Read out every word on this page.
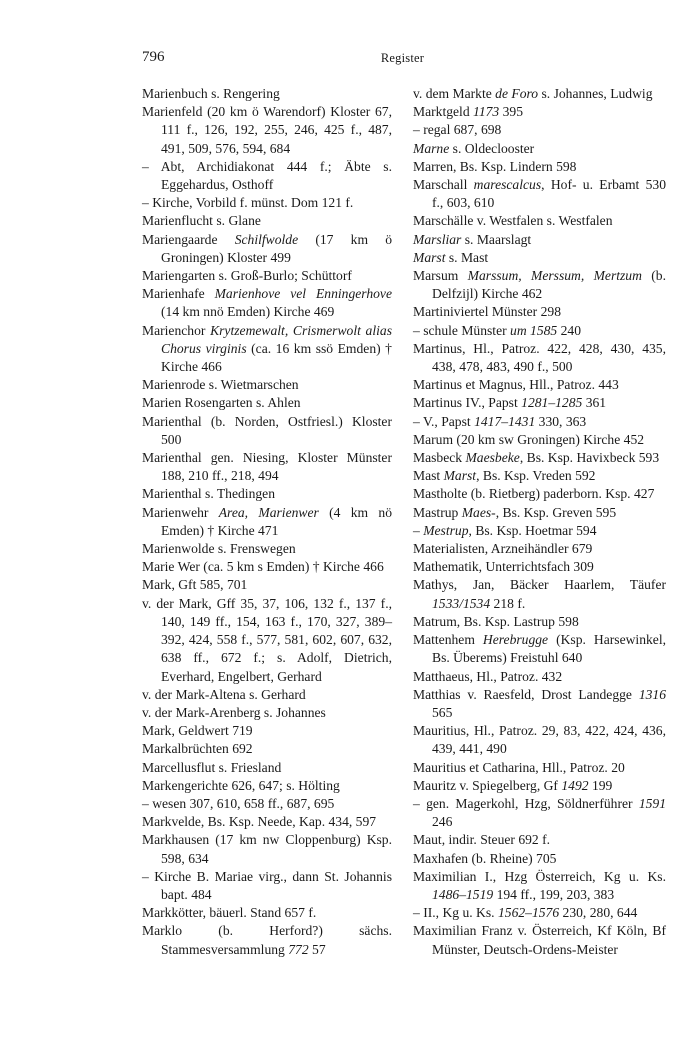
796	Register

Marienbuch s. Rengering

Marienfeld (20 km ö Warendorf) Kloster 67, 111 f., 126, 192, 255, 246, 425 f., 487, 491, 509, 576, 594, 684

– Abt, Archidiakonat 444 f.; Äbte s. Eggehardus, Osthoff

– Kirche, Vorbild f. münst. Dom 121 f.

Marienflucht s. Glane

Mariengaarde Schilfwolde (17 km ö Groningen) Kloster 499

Mariengarten s. Groß-Burlo; Schüttorf

Marienhafe Marienhove vel Enningerhove (14 km nnö Emden) Kirche 469

Marienchor Krytzemewalt, Crismerwolt alias Chorus virginis (ca. 16 km ssö Emden) † Kirche 466

Marienrode s. Wietmarschen

Marien Rosengarten s. Ahlen

Marienthal (b. Norden, Ostfriesl.) Kloster 500

Marienthal gen. Niesing, Kloster Münster 188, 210 ff., 218, 494

Marienthal s. Thedingen

Marienwehr Area, Marienwer (4 km nö Emden) † Kirche 471

Marienwolde s. Frenswegen

Marie Wer (ca. 5 km s Emden) † Kirche 466

Mark, Gft 585, 701

v. der Mark, Gff 35, 37, 106, 132 f., 137 f., 140, 149 ff., 154, 163 f., 170, 327, 389–392, 424, 558 f., 577, 581, 602, 607, 632, 638 ff., 672 f.; s. Adolf, Dietrich, Everhard, Engelbert, Gerhard

v. der Mark-Altena s. Gerhard

v. der Mark-Arenberg s. Johannes

Mark, Geldwert 719

Markalbrüchten 692

Marcellusflut s. Friesland

Markengerichte 626, 647; s. Hölting

– wesen 307, 610, 658 ff., 687, 695

Markvelde, Bs. Ksp. Neede, Kap. 434, 597

Markhausen (17 km nw Cloppenburg) Ksp. 598, 634

– Kirche B. Mariae virg., dann St. Johannis bapt. 484

Markkötter, bäuerl. Stand 657 f.

Marklo (b. Herford?) sächs. Stammesversammlung 772 57

v. dem Markte de Foro s. Johannes, Ludwig

Marktgeld 1173 395

– regal 687, 698

Marne s. Oldeclooster

Marren, Bs. Ksp. Lindern 598

Marschall marescalcus, Hof- u. Erbamt 530 f., 603, 610

Marschälle v. Westfalen s. Westfalen

Marsliar s. Maarslagt

Marst s. Mast

Marsum Marssum, Merssum, Mertzum (b. Delfzijl) Kirche 462

Martiniviertel Münster 298

– schule Münster um 1585 240

Martinus, Hl., Patroz. 422, 428, 430, 435, 438, 478, 483, 490 f., 500

Martinus et Magnus, Hll., Patroz. 443

Martinus IV., Papst 1281–1285 361

– V., Papst 1417–1431 330, 363

Marum (20 km sw Groningen) Kirche 452

Masbeck Maesbeke, Bs. Ksp. Havixbeck 593

Mast Marst, Bs. Ksp. Vreden 592

Mastholte (b. Rietberg) paderborn. Ksp. 427

Mastrup Maes-, Bs. Ksp. Greven 595

– Mestrup, Bs. Ksp. Hoetmar 594

Materialisten, Arzneihändler 679

Mathematik, Unterrichtsfach 309

Mathys, Jan, Bäcker Haarlem, Täufer 1533/1534 218 f.

Matrum, Bs. Ksp. Lastrup 598

Mattenhem Herebrugge (Ksp. Harsewinkel, Bs. Überems) Freistuhl 640

Matthaeus, Hl., Patroz. 432

Matthias v. Raesfeld, Drost Landegge 1316 565

Mauritius, Hl., Patroz. 29, 83, 422, 424, 436, 439, 441, 490

Mauritius et Catharina, Hll., Patroz. 20

Mauritz v. Spiegelberg, Gf 1492 199

– gen. Magerkohl, Hzg, Söldnerführer 1591 246

Maut, indir. Steuer 692 f.

Maxhafen (b. Rheine) 705

Maximilian I., Hzg Österreich, Kg u. Ks. 1486–1519 194 ff., 199, 203, 383

– II., Kg u. Ks. 1562–1576 230, 280, 644

Maximilian Franz v. Österreich, Kf Köln, Bf Münster, Deutsch-Ordens-Meister
